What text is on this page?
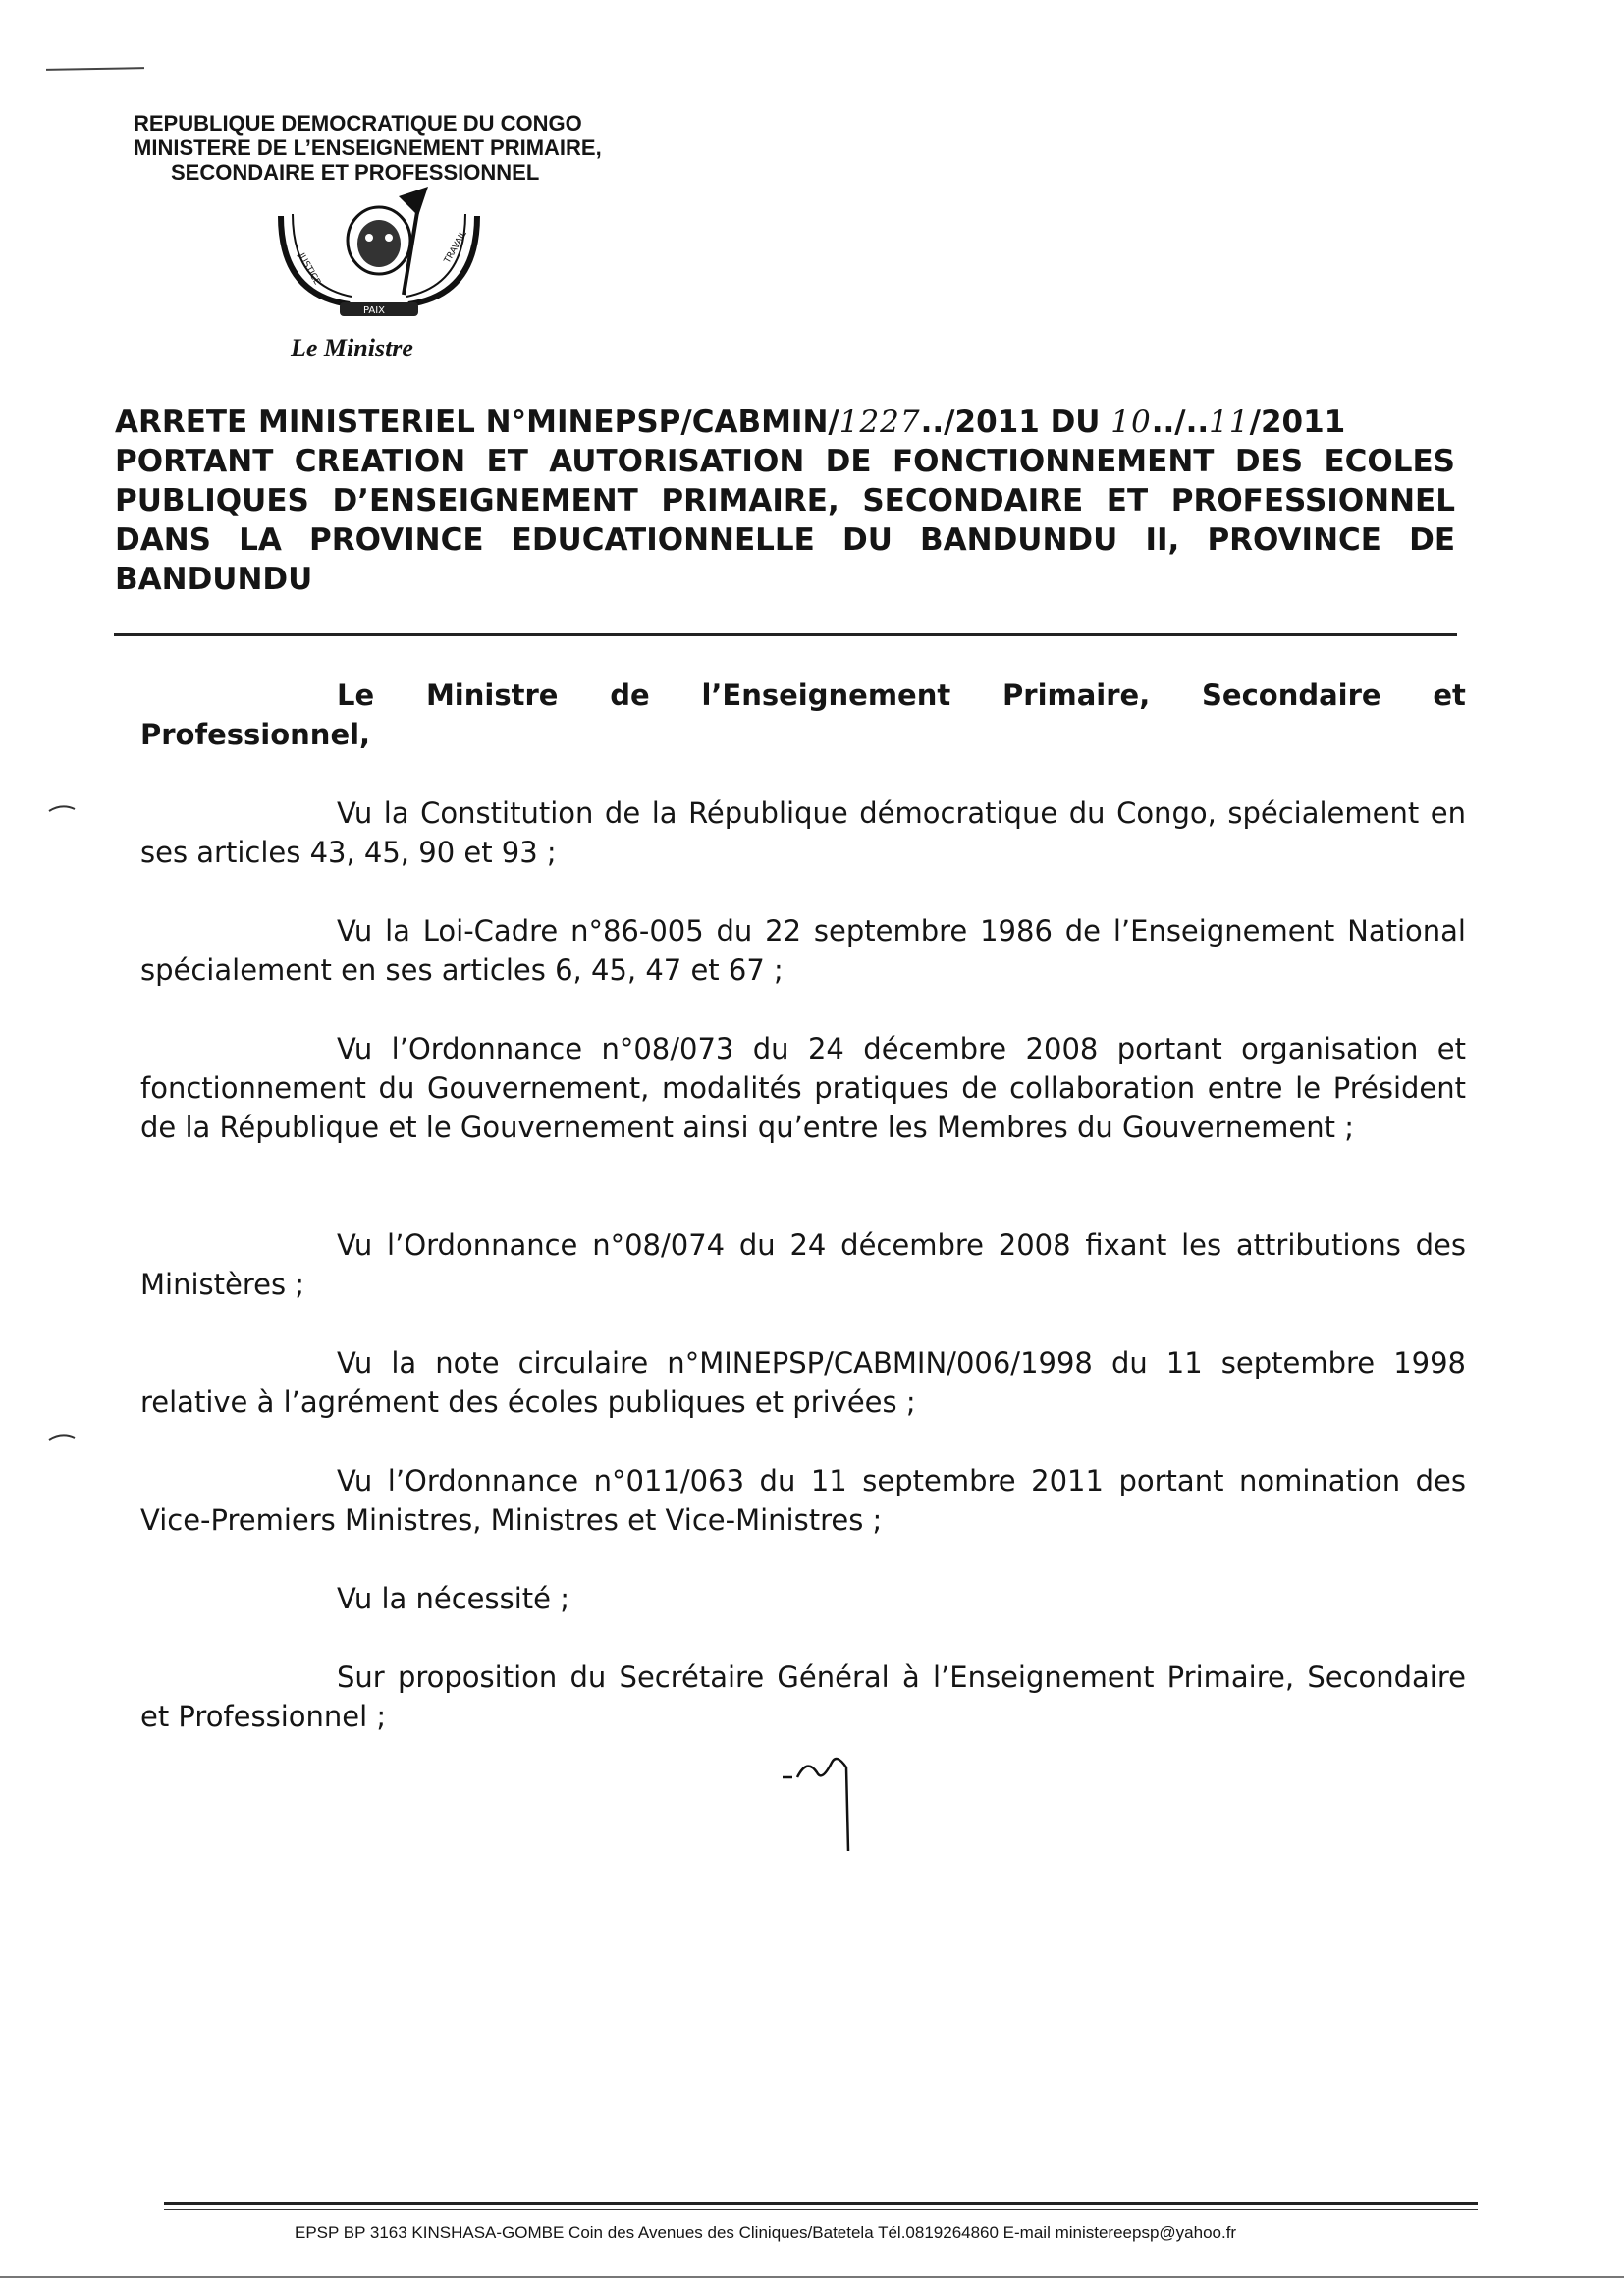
REPUBLIQUE DEMOCRATIQUE DU CONGO
MINISTERE DE L’ENSEIGNEMENT PRIMAIRE,
SECONDAIRE ET PROFESSIONNEL
JUSTICE
PAIX
TRAVAIL
Le Ministre
ARRETE MINISTERIEL N°MINEPSP/CABMIN/1227../2011 DU 10../..11/2011
PORTANT CREATION ET AUTORISATION DE FONCTIONNEMENT DES ECOLES PUBLIQUES D’ENSEIGNEMENT PRIMAIRE, SECONDAIRE ET PROFESSIONNEL DANS LA PROVINCE EDUCATIONNELLE DU BANDUNDU II, PROVINCE DE BANDUNDU
Le Ministre de l’Enseignement Primaire, Secondaire et
Professionnel,
Vu la Constitution de la République démocratique du Congo, spécialement en ses articles 43, 45, 90 et 93 ;
Vu la Loi-Cadre n°86-005 du 22 septembre 1986 de l’Enseignement National spécialement en ses articles 6, 45, 47 et 67 ;
Vu l’Ordonnance n°08/073 du 24 décembre 2008 portant organisation et fonctionnement du Gouvernement, modalités pratiques de collaboration entre le Président de la République et le Gouvernement ainsi qu’entre les Membres du Gouvernement ;
Vu l’Ordonnance n°08/074 du 24 décembre 2008 fixant les attributions des Ministères ;
Vu la note circulaire n°MINEPSP/CABMIN/006/1998 du 11 septembre 1998 relative à l’agrément des écoles publiques et privées ;
Vu l’Ordonnance n°011/063 du 11 septembre 2011 portant nomination des Vice-Premiers Ministres, Ministres et Vice-Ministres ;
Vu la nécessité ;
Sur proposition du Secrétaire Général à l’Enseignement Primaire, Secondaire et Professionnel ;
EPSP BP 3163 KINSHASA-GOMBE Coin des Avenues des Cliniques/Batetela Tél.0819264860 E-mail ministereepsp@yahoo.fr
